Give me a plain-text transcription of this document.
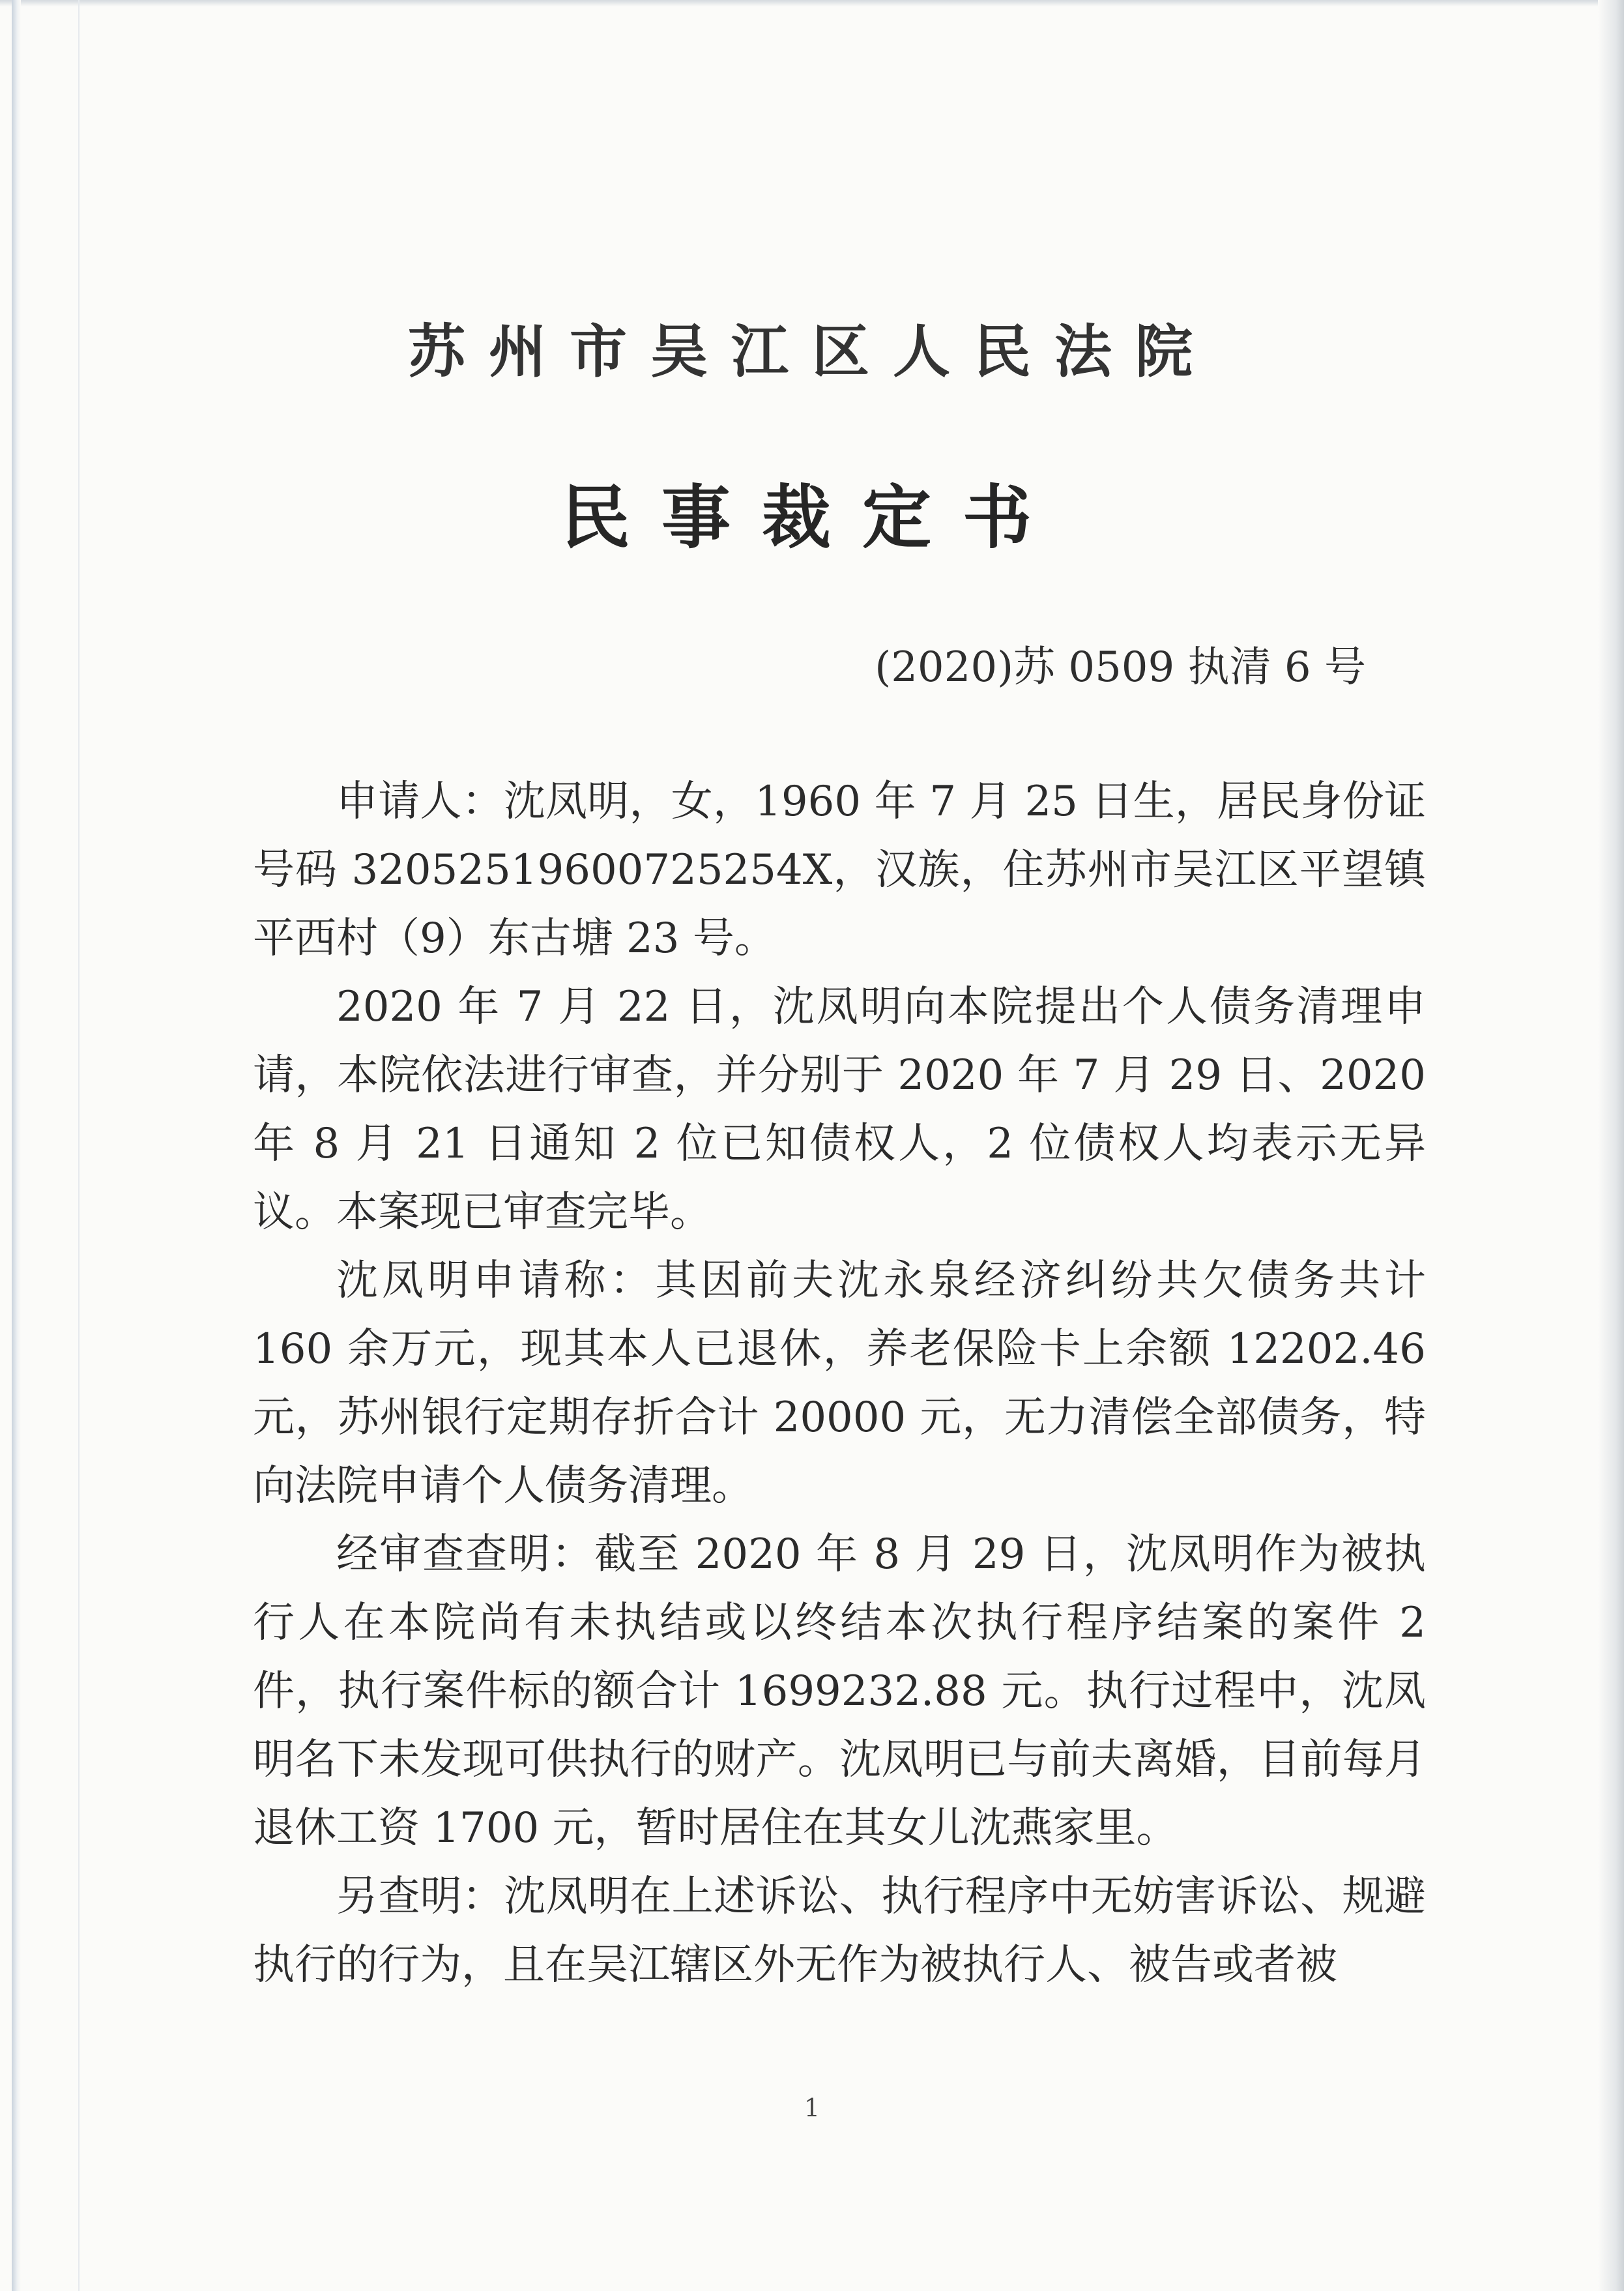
苏州市吴江区人民法院
民事裁定书
(2020)苏 0509 执清 6 号

申请人：沈凤明，女，1960 年 7 月 25 日生，居民身份证号码 32052519600725254X，汉族，住苏州市吴江区平望镇平西村（9）东古塘 23 号。

2020 年 7 月 22 日，沈凤明向本院提出个人债务清理申请，本院依法进行审查，并分别于 2020 年 7 月 29 日、2020 年 8 月 21 日通知 2 位已知债权人，2 位债权人均表示无异议。本案现已审查完毕。

沈凤明申请称：其因前夫沈永泉经济纠纷共欠债务共计 160 余万元，现其本人已退休，养老保险卡上余额 12202.46 元，苏州银行定期存折合计 20000 元，无力清偿全部债务，特向法院申请个人债务清理。

经审查查明：截至 2020 年 8 月 29 日，沈凤明作为被执行人在本院尚有未执结或以终结本次执行程序结案的案件 2 件，执行案件标的额合计 1699232.88 元。执行过程中，沈凤明名下未发现可供执行的财产。沈凤明已与前夫离婚，目前每月退休工资 1700 元，暂时居住在其女儿沈燕家里。

另查明：沈凤明在上述诉讼、执行程序中无妨害诉讼、规避执行的行为，且在吴江辖区外无作为被执行人、被告或者被

1
